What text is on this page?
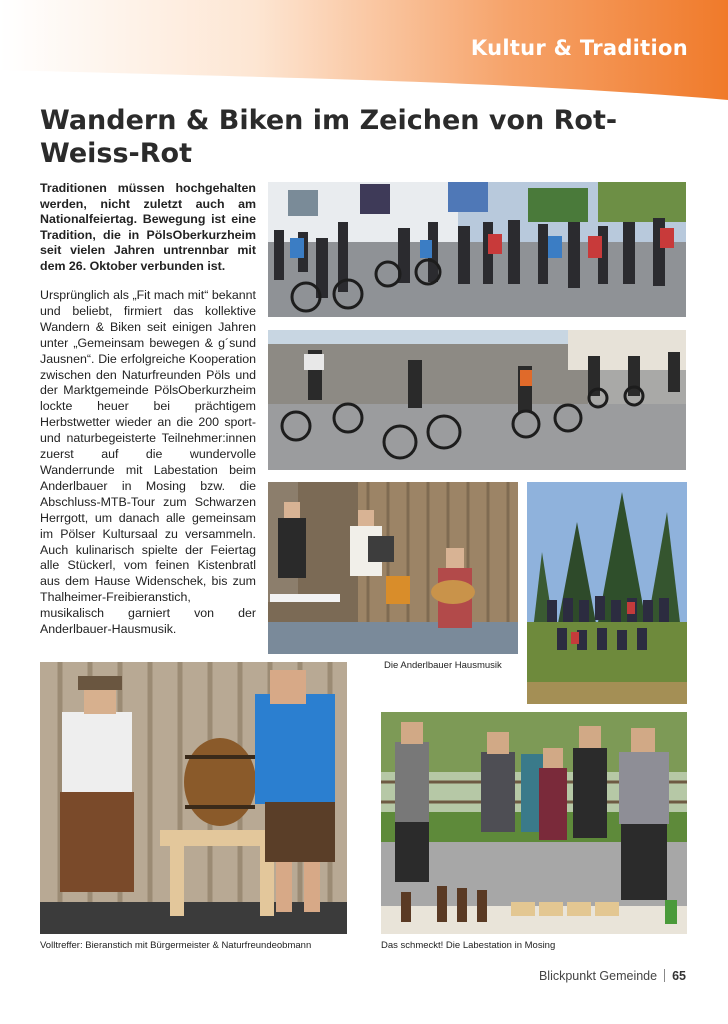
Kultur & Tradition
Wandern & Biken im Zeichen von Rot-Weiss-Rot

Traditionen müssen hochgehalten werden, nicht zuletzt auch am Nationalfeiertag. Bewegung ist eine Tradition, die in PölsOberkurzheim seit vielen Jahren untrennbar mit dem 26. Oktober verbunden ist.

Ursprünglich als „Fit mach mit“ bekannt und beliebt, firmiert das kollektive Wandern & Biken seit einigen Jahren unter „Gemeinsam bewegen & g´sund Jausnen“. Die erfolgreiche Kooperation zwischen den Naturfreunden Pöls und der Marktgemeinde PölsOberkurzheim lockte heuer bei prächtigem Herbstwetter wieder an die 200 sport- und naturbegeisterte Teilnehmer:innen zuerst auf die wundervolle Wanderrunde mit Labestation beim Anderlbauer in Mosing bzw. die Abschluss-MTB-Tour zum Schwarzen Herrgott, um danach alle gemeinsam im Pölser Kultursaal zu versammeln. Auch kulinarisch spielte der Feiertag alle Stückerl, vom feinen Kistenbratl aus dem Hause Widenschek, bis zum Thalheimer-Freibieranstich, musikalisch garniert von der Anderlbauer-Hausmusik.

Die Anderlbauer Hausmusik
Volltreffer: Bieranstich mit Bürgermeister & Naturfreundeobmann	Das schmeckt! Die Labestation in Mosing
Blickpunkt Gemeinde 65
